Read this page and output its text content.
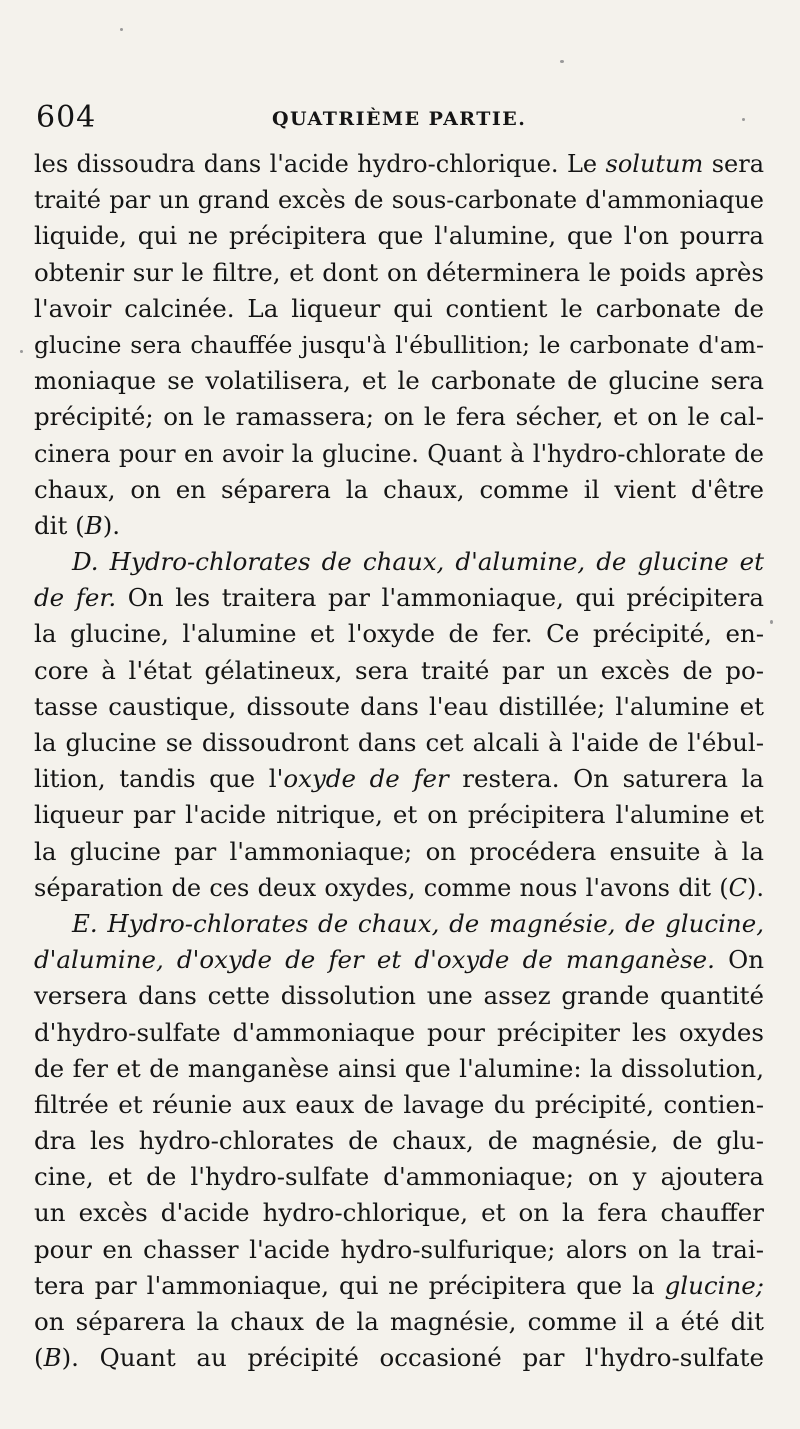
604	QUATRIÈME PARTIE.
les dissoudra dans l'acide hydro-chlorique. Le solutum sera
traité par un grand excès de sous-carbonate d'ammoniaque
liquide, qui ne précipitera que l'alumine, que l'on pourra
obtenir sur le filtre, et dont on déterminera le poids après
l'avoir calcinée. La liqueur qui contient le carbonate de
glucine sera chauffée jusqu'à l'ébullition; le carbonate d'am-
moniaque se volatilisera, et le carbonate de glucine sera
précipité; on le ramassera; on le fera sécher, et on le cal-
cinera pour en avoir la glucine. Quant à l'hydro-chlorate de
chaux, on en séparera la chaux, comme il vient d'être
dit (B).
D. Hydro-chlorates de chaux, d'alumine, de glucine et
de fer. On les traitera par l'ammoniaque, qui précipitera
la glucine, l'alumine et l'oxyde de fer. Ce précipité, en-
core à l'état gélatineux, sera traité par un excès de po-
tasse caustique, dissoute dans l'eau distillée; l'alumine et
la glucine se dissoudront dans cet alcali à l'aide de l'ébul-
lition, tandis que l'oxyde de fer restera. On saturera la
liqueur par l'acide nitrique, et on précipitera l'alumine et
la glucine par l'ammoniaque; on procédera ensuite à la
séparation de ces deux oxydes, comme nous l'avons dit (C).
E. Hydro-chlorates de chaux, de magnésie, de glucine,
d'alumine, d'oxyde de fer et d'oxyde de manganèse. On
versera dans cette dissolution une assez grande quantité
d'hydro-sulfate d'ammoniaque pour précipiter les oxydes
de fer et de manganèse ainsi que l'alumine: la dissolution,
filtrée et réunie aux eaux de lavage du précipité, contien-
dra les hydro-chlorates de chaux, de magnésie, de glu-
cine, et de l'hydro-sulfate d'ammoniaque; on y ajoutera
un excès d'acide hydro-chlorique, et on la fera chauffer
pour en chasser l'acide hydro-sulfurique; alors on la trai-
tera par l'ammoniaque, qui ne précipitera que la glucine;
on séparera la chaux de la magnésie, comme il a été dit
(B). Quant au précipité occasioné par l'hydro-sulfate
